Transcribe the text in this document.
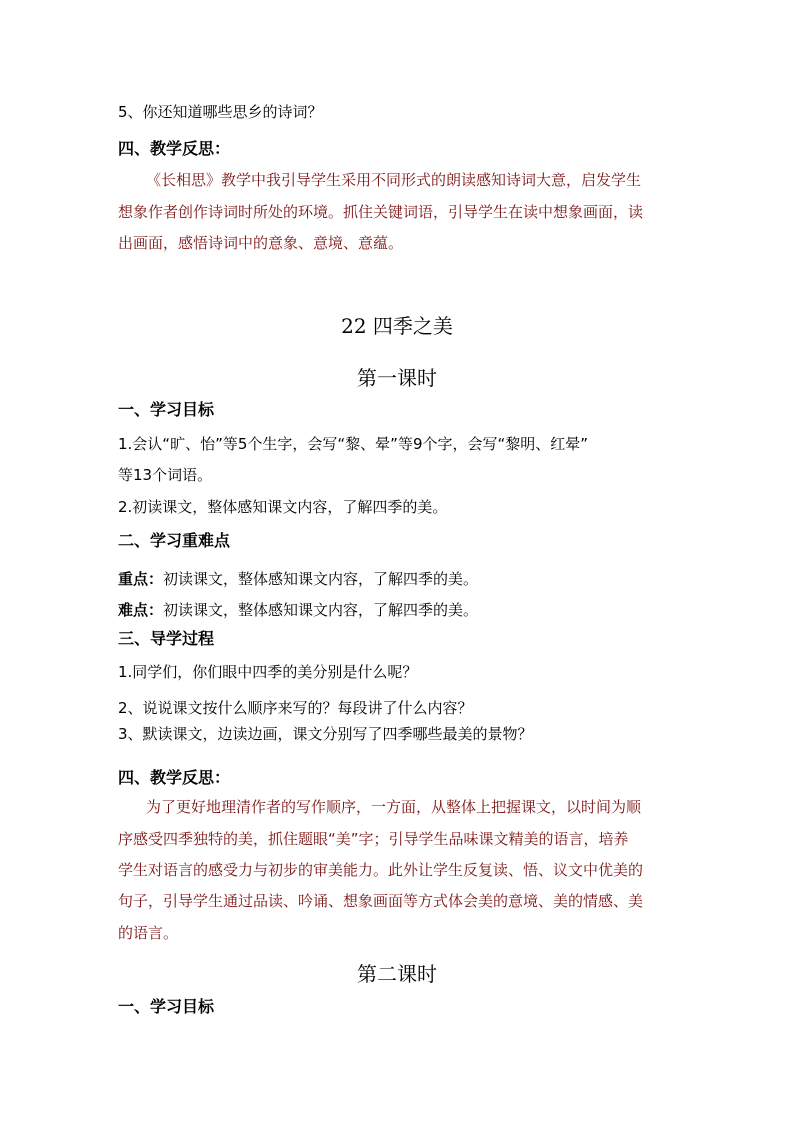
5、你还知道哪些思乡的诗词？
四、教学反思：
《长相思》教学中我引导学生采用不同形式的朗读感知诗词大意，启发学生
想象作者创作诗词时所处的环境。抓住关键词语，引导学生在读中想象画面，读
出画面，感悟诗词中的意象、意境、意蕴。
22 四季之美
第一课时
一、学习目标
1.会认“旷、怡”等5个生字，会写“黎、晕”等9个字，会写“黎明、红晕”
等13个词语。
2.初读课文，整体感知课文内容，了解四季的美。
二、学习重难点
重点：初读课文，整体感知课文内容，了解四季的美。
难点：初读课文，整体感知课文内容，了解四季的美。
三、导学过程
1.同学们，你们眼中四季的美分别是什么呢？
2、说说课文按什么顺序来写的？每段讲了什么内容？
3、默读课文，边读边画，课文分别写了四季哪些最美的景物？
四、教学反思：
为了更好地理清作者的写作顺序，一方面，从整体上把握课文，以时间为顺
序感受四季独特的美，抓住题眼“美”字；引导学生品味课文精美的语言，培养
学生对语言的感受力与初步的审美能力。此外让学生反复读、悟、议文中优美的
句子，引导学生通过品读、吟诵、想象画面等方式体会美的意境、美的情感、美
的语言。
第二课时
一、学习目标
